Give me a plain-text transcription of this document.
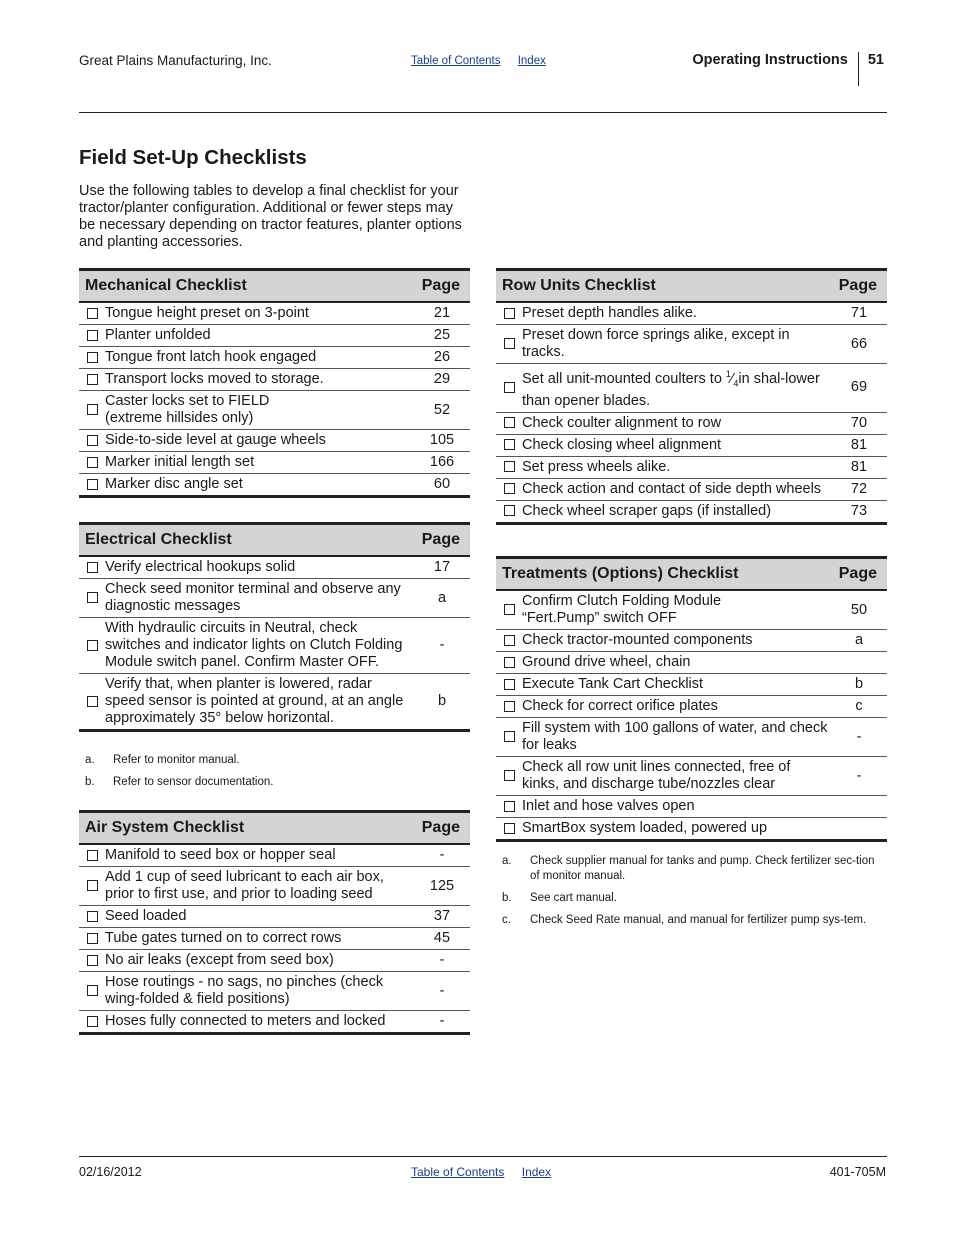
Great Plains Manufacturing, Inc.	Table of Contents Index	Operating Instructions 51
Field Set-Up Checklists
Use the following tables to develop a final checklist for your tractor/planter configuration. Additional or fewer steps may be necessary depending on tractor features, planter options and planting accessories.
Mechanical Checklist		Page
	Tongue height preset on 3-point	21
	Planter unfolded	25
	Tongue front latch hook engaged	26
	Transport locks moved to storage.	29
	Caster locks set to FIELD
(extreme hillsides only)	52
	Side-to-side level at gauge wheels	105
	Marker initial length set	166
	Marker disc angle set	60
Electrical Checklist		Page
	Verify electrical hookups solid	17
	Check seed monitor terminal and observe any diagnostic messages	a
	With hydraulic circuits in Neutral, check switches and indicator lights on Clutch Folding Module switch panel. Confirm Master OFF.	-
	Verify that, when planter is lowered, radar speed sensor is pointed at ground, at an angle approximately 35° below horizontal.	b
a. Refer to monitor manual.
b. Refer to sensor documentation.
Air System Checklist		Page
	Manifold to seed box or hopper seal	-
	Add 1 cup of seed lubricant to each air box, prior to first use, and prior to loading seed	125
	Seed loaded	37
	Tube gates turned on to correct rows	45
	No air leaks (except from seed box)	-
	Hose routings - no sags, no pinches (check wing-folded & field positions)	-
	Hoses fully connected to meters and locked	-
Row Units Checklist		Page
	Preset depth handles alike.	71
	Preset down force springs alike, except in tracks.	66
	Set all unit-mounted coulters to $^1⁄_4in$ shal-lower than opener blades.	69
	Check coulter alignment to row	70
	Check closing wheel alignment	81
	Set press wheels alike.	81
	Check action and contact of side depth wheels	72
	Check wheel scraper gaps (if installed)	73
Treatments (Options) Checklist		Page
	Confirm Clutch Folding Module
“Fert.Pump” switch OFF	50
	Check tractor-mounted components	a
	Ground drive wheel, chain	
	Execute Tank Cart Checklist	b
	Check for correct orifice plates	c
	Fill system with 100 gallons of water, and check for leaks	-
	Check all row unit lines connected, free of kinks, and discharge tube/nozzles clear	-
	Inlet and hose valves open	
	SmartBox system loaded, powered up	
a. Check supplier manual for tanks and pump. Check fertilizer sec-tion of monitor manual.
b. See cart manual.
c. Check Seed Rate manual, and manual for fertilizer pump sys-tem.
02/16/2012	Table of Contents Index	401-705M
